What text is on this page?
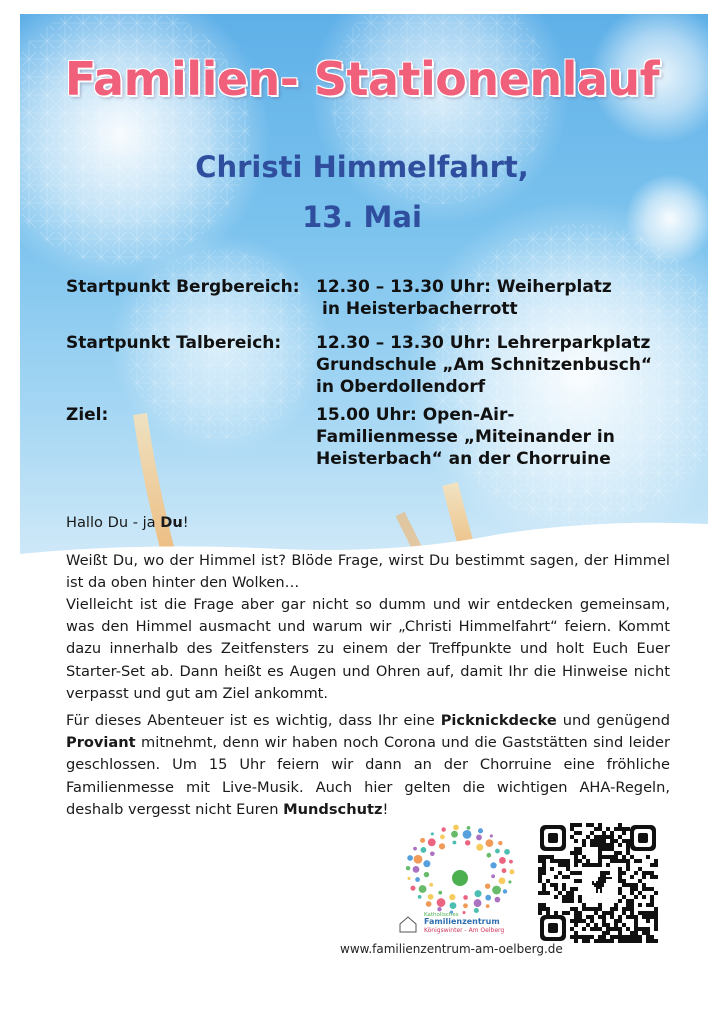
Familien- Stationenlauf
Christi Himmelfahrt,
13. Mai
Startpunkt Bergbereich: 12.30 – 13.30 Uhr: Weiherplatz
in Heisterbacherrott
Startpunkt Talbereich: 12.30 – 13.30 Uhr: Lehrerparkplatz
Grundschule „Am Schnitzenbusch“
in Oberdollendorf
Ziel:	15.00 Uhr: Open-Air-
Familienmesse „Miteinander in
Heisterbach“ an der Chorruine
Hallo Du - ja Du!
Weißt Du, wo der Himmel ist? Blöde Frage, wirst Du bestimmt sagen, der Himmel ist da oben hinter den Wolken…
Vielleicht ist die Frage aber gar nicht so dumm und wir entdecken gemeinsam, was den Himmel ausmacht und warum wir „Christi Himmelfahrt“ feiern. Kommt dazu innerhalb des Zeitfensters zu einem der Treffpunkte und holt Euch Euer Starter-Set ab. Dann heißt es Augen und Ohren auf, damit Ihr die Hinweise nicht verpasst und gut am Ziel ankommt.
Für dieses Abenteuer ist es wichtig, dass Ihr eine Picknickdecke und genügend Proviant mitnehmt, denn wir haben noch Corona und die Gaststätten sind leider geschlossen. Um 15 Uhr feiern wir dann an der Chorruine eine fröhliche Familienmesse mit Live-Musik. Auch hier gelten die wichtigen AHA-Regeln, deshalb vergesst nicht Euren Mundschutz!
Katholisches
Familienzentrum
Königswinter - Am Oelberg
www.familienzentrum-am-oelberg.de
